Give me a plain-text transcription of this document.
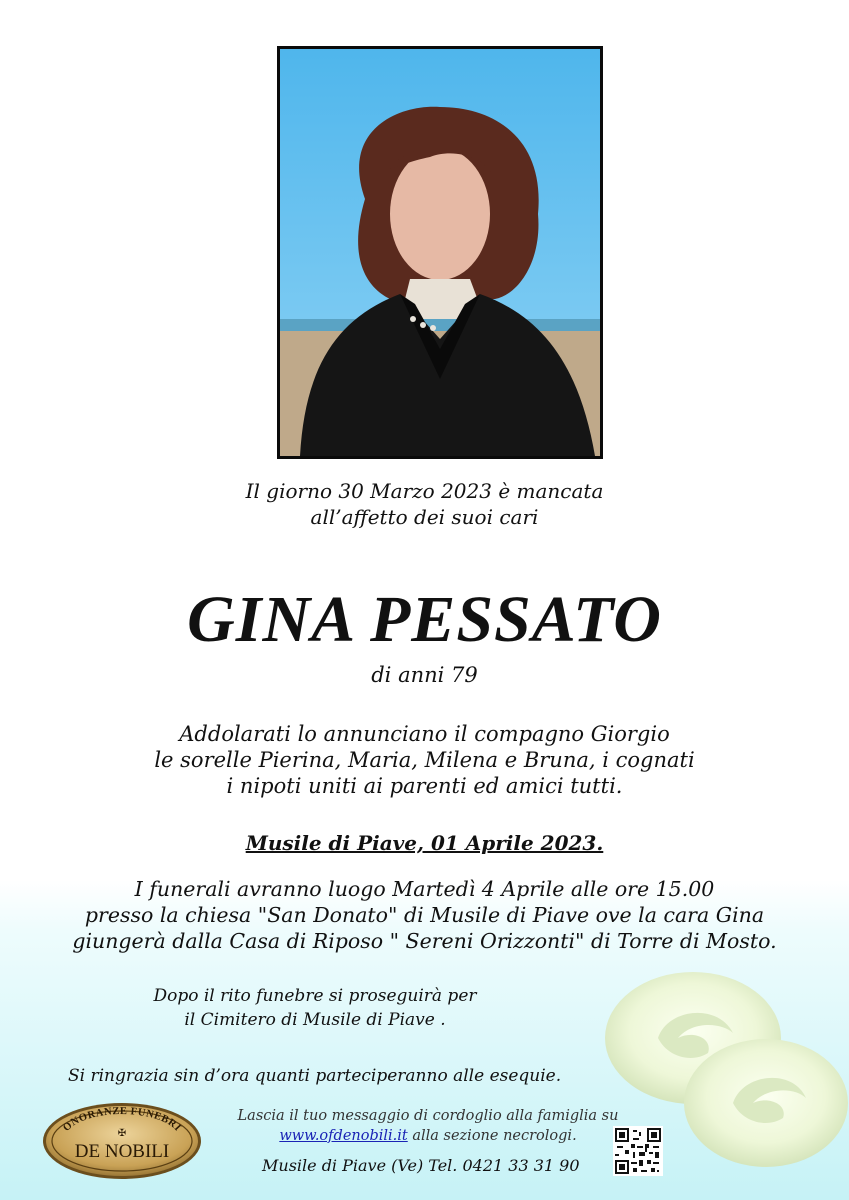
Il giorno 30 Marzo 2023 è mancata
all’affetto dei suoi cari
GINA PESSATO
di anni 79
Addolarati lo annunciano il compagno Giorgio
le sorelle Pierina, Maria, Milena e Bruna, i cognati
i nipoti uniti ai parenti ed amici tutti.
Musile di Piave, 01 Aprile 2023.
I funerali avranno luogo Martedì 4 Aprile alle ore 15.00
presso la chiesa "San Donato" di Musile di Piave ove la cara Gina
giungerà dalla Casa di Riposo " Sereni Orizzonti" di Torre di Mosto.
Dopo il rito funebre si proseguirà per
il Cimitero di Musile di Piave .
Si ringrazia sin d’ora quanti parteciperanno alle esequie.
ONORANZE FUNEBRI
✠
DE NOBILI
Lascia il tuo messaggio di cordoglio alla famiglia su
www.ofdenobili.it alla sezione necrologi.
Musile di Piave (Ve) Tel. 0421 33 31 90
